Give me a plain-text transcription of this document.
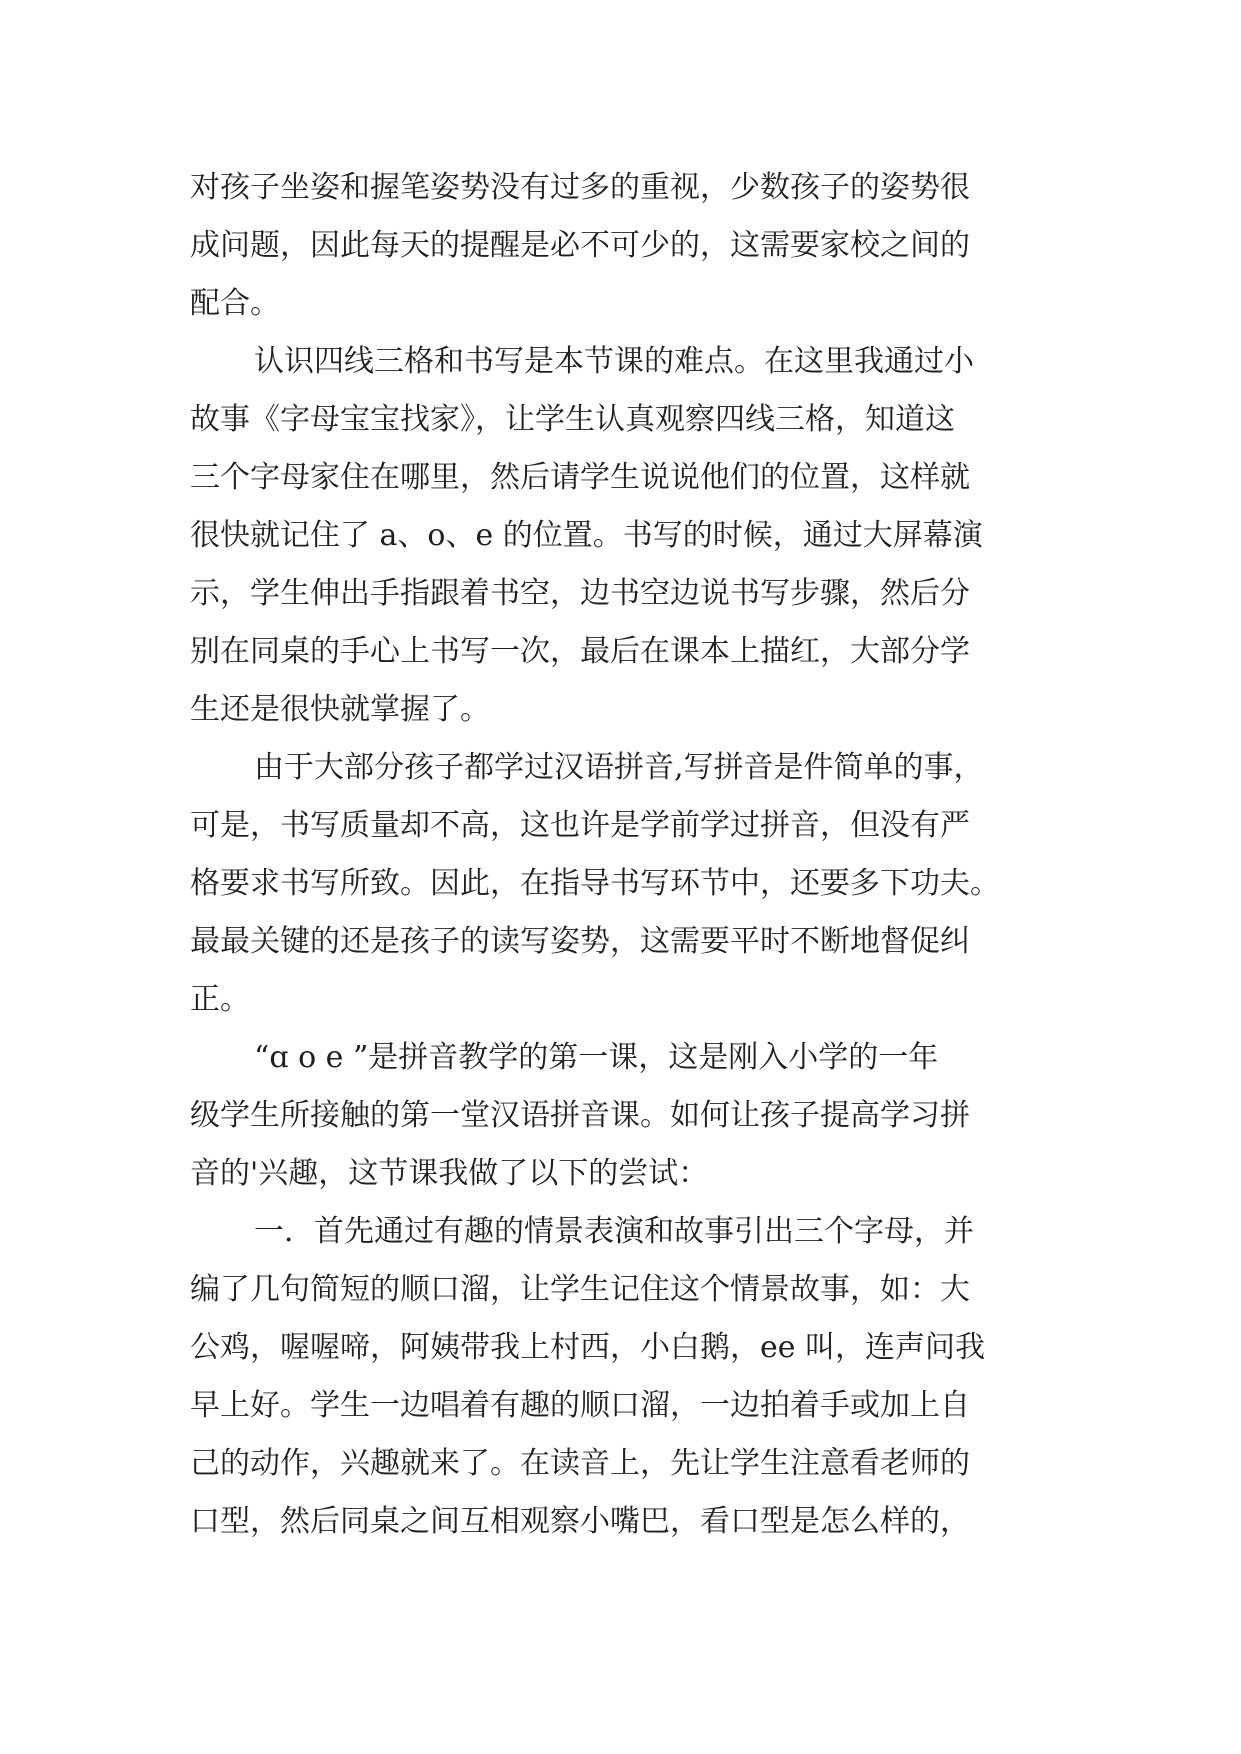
对孩子坐姿和握笔姿势没有过多的重视，少数孩子的姿势很
成问题，因此每天的提醒是必不可少的，这需要家校之间的
配合。
认识四线三格和书写是本节课的难点。在这里我通过小
故事《字母宝宝找家》，让学生认真观察四线三格，知道这
三个字母家住在哪里，然后请学生说说他们的位置，这样就
很快就记住了 a、o、e 的位置。书写的时候，通过大屏幕演
示，学生伸出手指跟着书空，边书空边说书写步骤，然后分
别在同桌的手心上书写一次，最后在课本上描红，大部分学
生还是很快就掌握了。
由于大部分孩子都学过汉语拼音,写拼音是件简单的事，
可是，书写质量却不高，这也许是学前学过拼音，但没有严
格要求书写所致。因此，在指导书写环节中，还要多下功夫。
最最关键的还是孩子的读写姿势，这需要平时不断地督促纠
正。
“ɑ o e ”是拼音教学的第一课，这是刚入小学的一年
级学生所接触的第一堂汉语拼音课。如何让孩子提高学习拼
音的'兴趣，这节课我做了以下的尝试：
一．首先通过有趣的情景表演和故事引出三个字母，并
编了几句简短的顺口溜，让学生记住这个情景故事，如：大
公鸡，喔喔啼，阿姨带我上村西，小白鹅，ee 叫，连声问我
早上好。学生一边唱着有趣的顺口溜，一边拍着手或加上自
己的动作，兴趣就来了。在读音上，先让学生注意看老师的
口型，然后同桌之间互相观察小嘴巴，看口型是怎么样的，
